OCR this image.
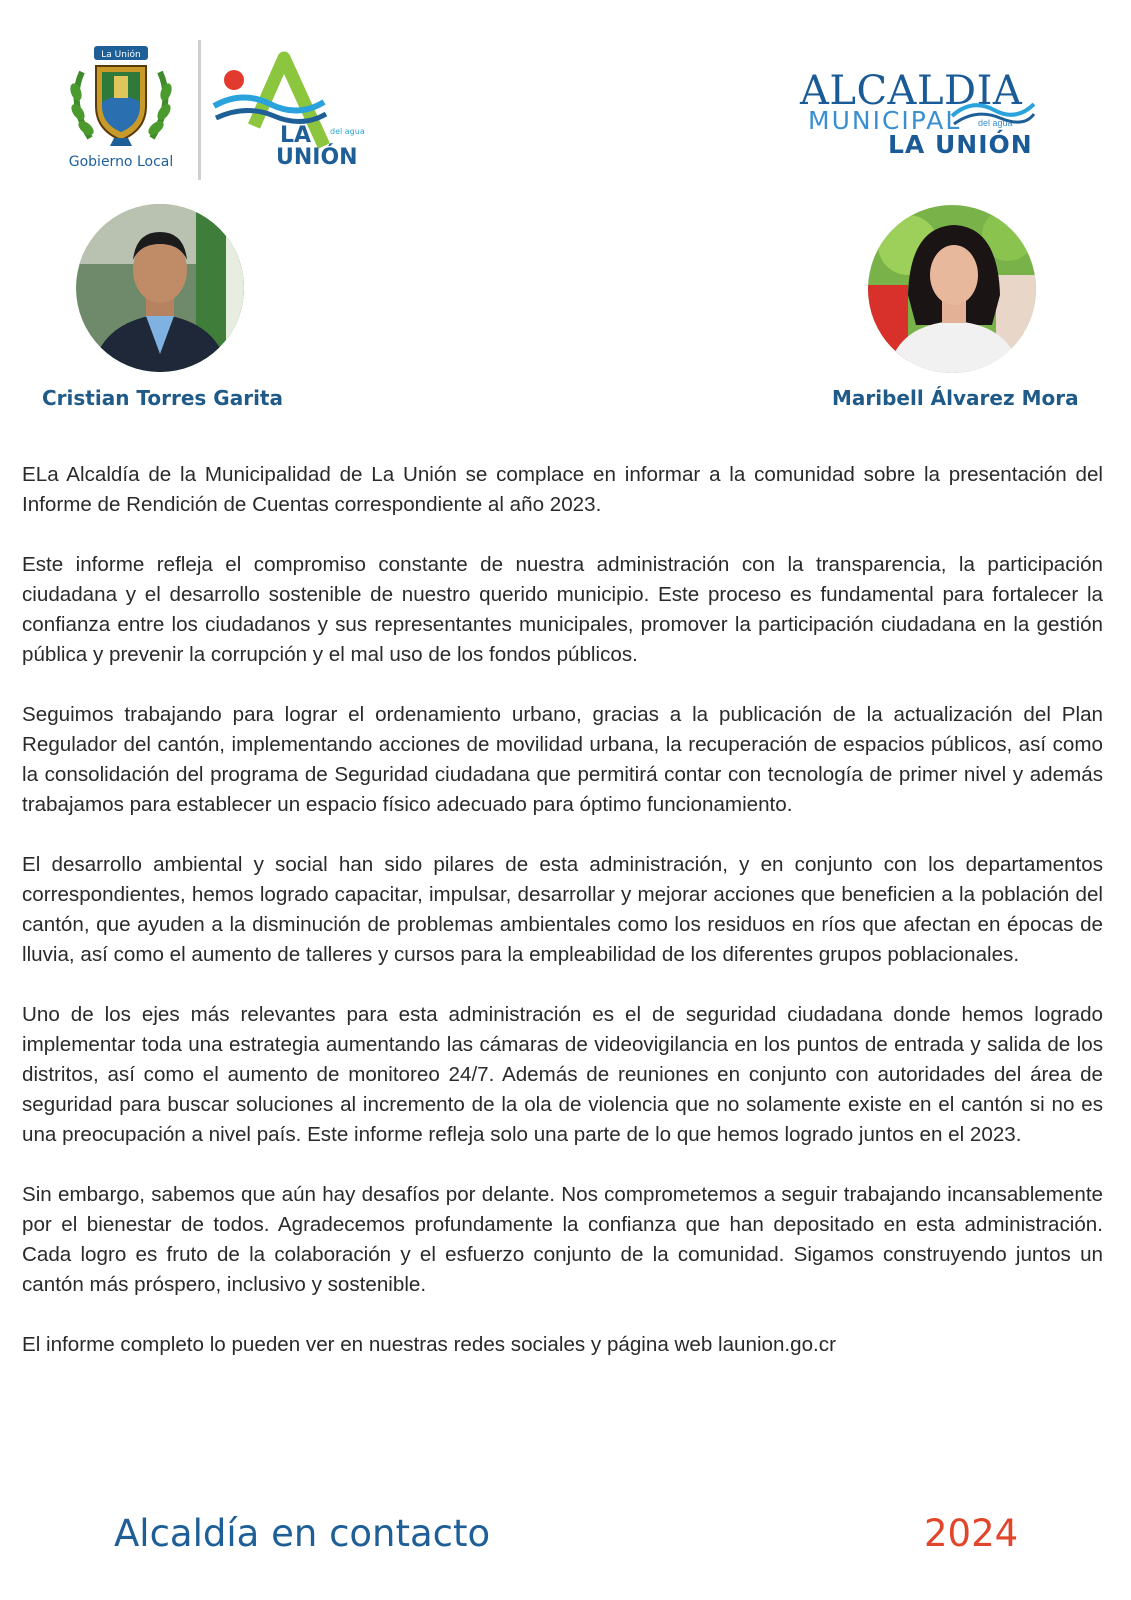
La Unión
Gobierno Local
LA
UNIÓN
del agua
ALCALDIA
MUNICIPAL del agua
LA UNIÓN
Cristian Torres Garita	Maribell Álvarez Mora

ELa Alcaldía de la Municipalidad de La Unión se complace en informar a la comunidad sobre la presentación del Informe de Rendición de Cuentas correspondiente al año 2023.

Este informe refleja el compromiso constante de nuestra administración con la transparencia, la participación ciudadana y el desarrollo sostenible de nuestro querido municipio. Este proceso es fundamental para fortalecer la confianza entre los ciudadanos y sus representantes municipales, promover la participación ciudadana en la gestión pública y prevenir la corrupción y el mal uso de los fondos públicos.

Seguimos trabajando para lograr el ordenamiento urbano, gracias a la publicación de la actualización del Plan Regulador del cantón, implementando acciones de movilidad urbana, la recuperación de espacios públicos, así como la consolidación del programa de Seguridad ciudadana que permitirá contar con tecnología de primer nivel y además trabajamos para establecer un espacio físico adecuado para óptimo funcionamiento.

El desarrollo ambiental y social han sido pilares de esta administración, y en conjunto con los departamentos correspondientes, hemos logrado capacitar, impulsar, desarrollar y mejorar acciones que beneficien a la población del cantón, que ayuden a la disminución de problemas ambientales como los residuos en ríos que afectan en épocas de lluvia, así como el aumento de talleres y cursos para la empleabilidad de los diferentes grupos poblacionales.

Uno de los ejes más relevantes para esta administración es el de seguridad ciudadana donde hemos logrado implementar toda una estrategia aumentando las cámaras de videovigilancia en los puntos de entrada y salida de los distritos, así como el aumento de monitoreo 24/7. Además de reuniones en conjunto con autoridades del área de seguridad para buscar soluciones al incremento de la ola de violencia que no solamente existe en el cantón si no es una preocupación a nivel país. Este informe refleja solo una parte de lo que hemos logrado juntos en el 2023.

Sin embargo, sabemos que aún hay desafíos por delante. Nos comprometemos a seguir trabajando incansablemente por el bienestar de todos. Agradecemos profundamente la confianza que han depositado en esta administración. Cada logro es fruto de la colaboración y el esfuerzo conjunto de la comunidad. Sigamos construyendo juntos un cantón más próspero, inclusivo y sostenible.

El informe completo lo pueden ver en nuestras redes sociales y página web launion.go.cr

Alcaldía en contacto	2024
